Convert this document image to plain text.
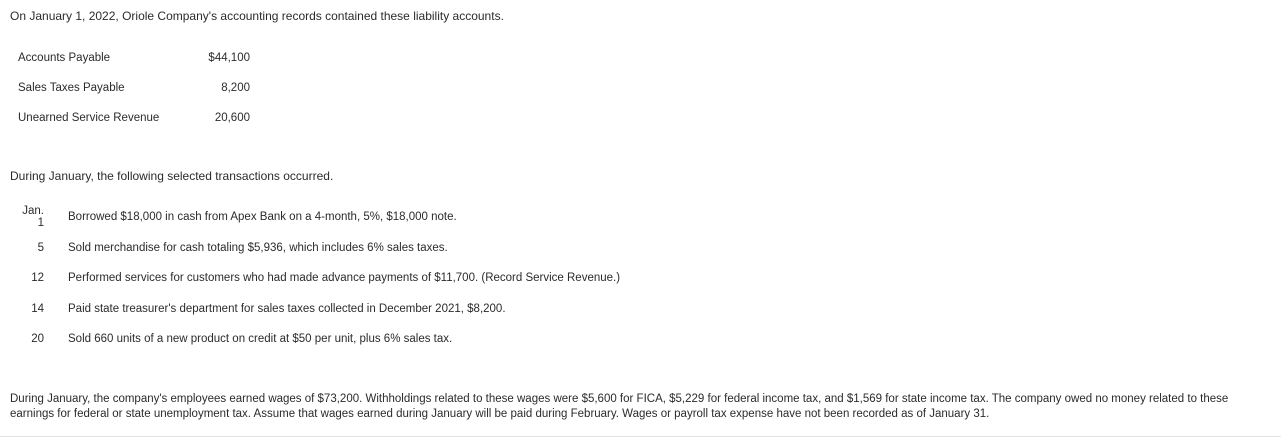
On January 1, 2022, Oriole Company's accounting records contained these liability accounts.

Accounts Payable	$44,100
Sales Taxes Payable	8,200
Unearned Service Revenue	20,600

During January, the following selected transactions occurred.

Jan. 1	Borrowed $18,000 in cash from Apex Bank on a 4-month, 5%, $18,000 note.
5	Sold merchandise for cash totaling $5,936, which includes 6% sales taxes.
12	Performed services for customers who had made advance payments of $11,700. (Record Service Revenue.)
14	Paid state treasurer's department for sales taxes collected in December 2021, $8,200.
20	Sold 660 units of a new product on credit at $50 per unit, plus 6% sales tax.

During January, the company's employees earned wages of $73,200. Withholdings related to these wages were $5,600 for FICA, $5,229 for federal income tax, and $1,569 for state income tax. The company owed no money related to these earnings for federal or state unemployment tax. Assume that wages earned during January will be paid during February. Wages or payroll tax expense have not been recorded as of January 31.
